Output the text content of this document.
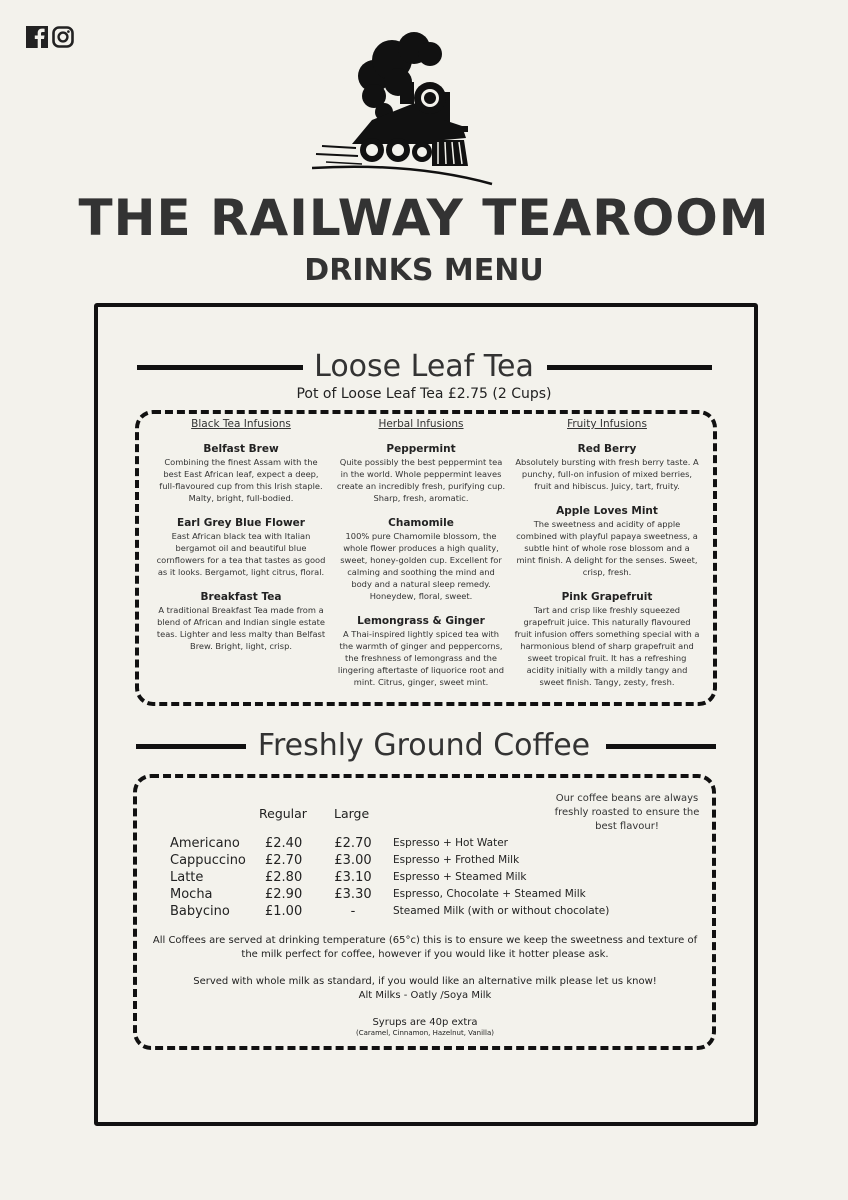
THE RAILWAY TEAROOM
DRINKS MENU
Loose Leaf Tea
Pot of Loose Leaf Tea £2.75 (2 Cups)
Black Tea Infusions
Belfast Brew
Combining the finest Assam with the best East African leaf, expect a deep, full-flavoured cup from this Irish staple. Malty, bright, full-bodied.
Earl Grey Blue Flower
East African black tea with Italian bergamot oil and beautiful blue cornflowers for a tea that tastes as good as it looks. Bergamot, light citrus, floral.
Breakfast Tea
A traditional Breakfast Tea made from a blend of African and Indian single estate teas. Lighter and less malty than Belfast Brew. Bright, light, crisp.
Herbal Infusions
Peppermint
Quite possibly the best peppermint tea in the world. Whole peppermint leaves create an incredibly fresh, purifying cup. Sharp, fresh, aromatic.
Chamomile
100% pure Chamomile blossom, the whole flower produces a high quality, sweet, honey-golden cup. Excellent for calming and soothing the mind and body and a natural sleep remedy. Honeydew, floral, sweet.
Lemongrass & Ginger
A Thai-inspired lightly spiced tea with the warmth of ginger and peppercorns, the freshness of lemongrass and the lingering aftertaste of liquorice root and mint. Citrus, ginger, sweet mint.
Fruity Infusions
Red Berry
Absolutely bursting with fresh berry taste. A punchy, full-on infusion of mixed berries, fruit and hibiscus. Juicy, tart, fruity.
Apple Loves Mint
The sweetness and acidity of apple combined with playful papaya sweetness, a subtle hint of whole rose blossom and a mint finish. A delight for the senses. Sweet, crisp, fresh.
Pink Grapefruit
Tart and crisp like freshly squeezed grapefruit juice. This naturally flavoured fruit infusion offers something special with a harmonious blend of sharp grapefruit and sweet tropical fruit. It has a refreshing acidity initially with a mildly tangy and sweet finish. Tangy, zesty, fresh.
Freshly Ground Coffee
Our coffee beans are always freshly roasted to ensure the best flavour!
Regular Large
Americano £2.40 £2.70 Espresso + Hot Water
Cappuccino £2.70 £3.00 Espresso + Frothed Milk
Latte	£2.80 £3.10 Espresso + Steamed Milk
Mocha	£2.90 £3.30 Espresso, Chocolate + Steamed Milk
Babycino	£1.00	-	Steamed Milk (with or without chocolate)
All Coffees are served at drinking temperature (65°c) this is to ensure we keep the sweetness and texture of the milk perfect for coffee, however if you would like it hotter please ask.
Served with whole milk as standard, if you would like an alternative milk please let us know!
Alt Milks - Oatly /Soya Milk
Syrups are 40p extra
(Caramel, Cinnamon, Hazelnut, Vanilla)
